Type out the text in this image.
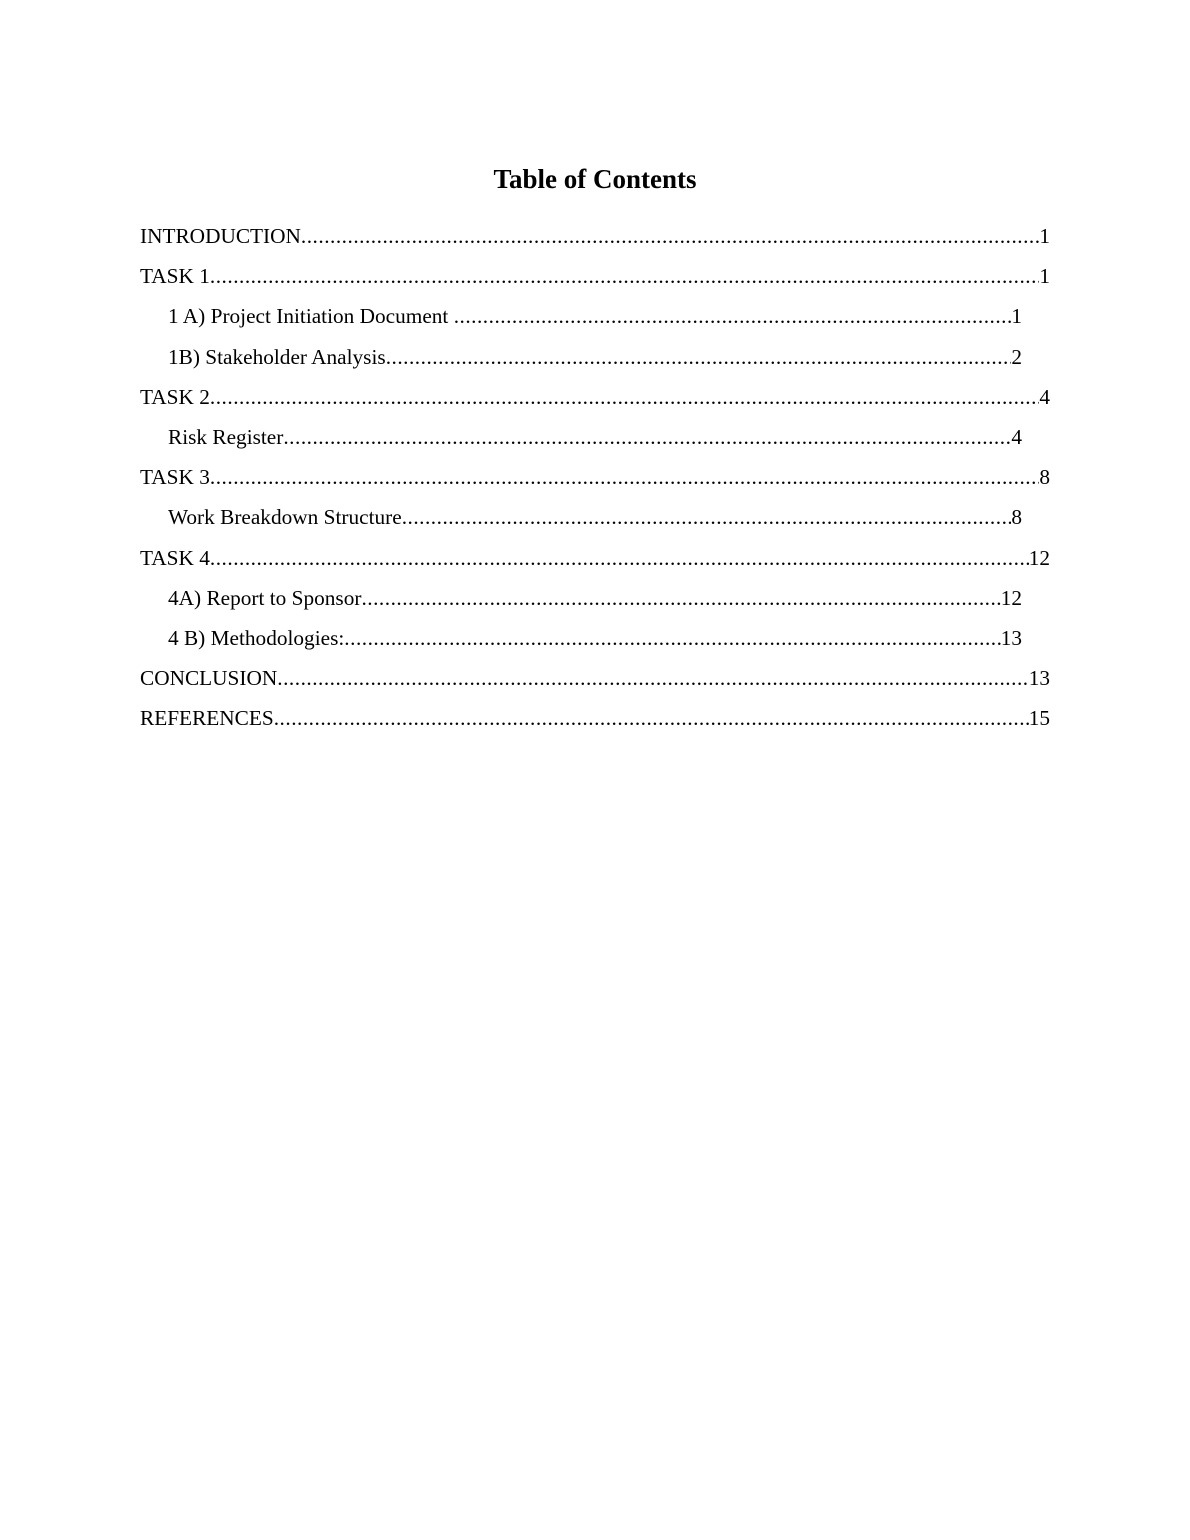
Table of Contents
INTRODUCTION .....	1
TASK 1 .....	1
1 A) Project Initiation Document .....	1
1B) Stakeholder Analysis .....	2
TASK 2 .....	4
Risk Register .....	4
TASK 3 .....	8
Work Breakdown Structure .....	8
TASK 4 .....	12
4A) Report to Sponsor .....	12
4 B) Methodologies: .....	13
CONCLUSION .....	13
REFERENCES .....	15
